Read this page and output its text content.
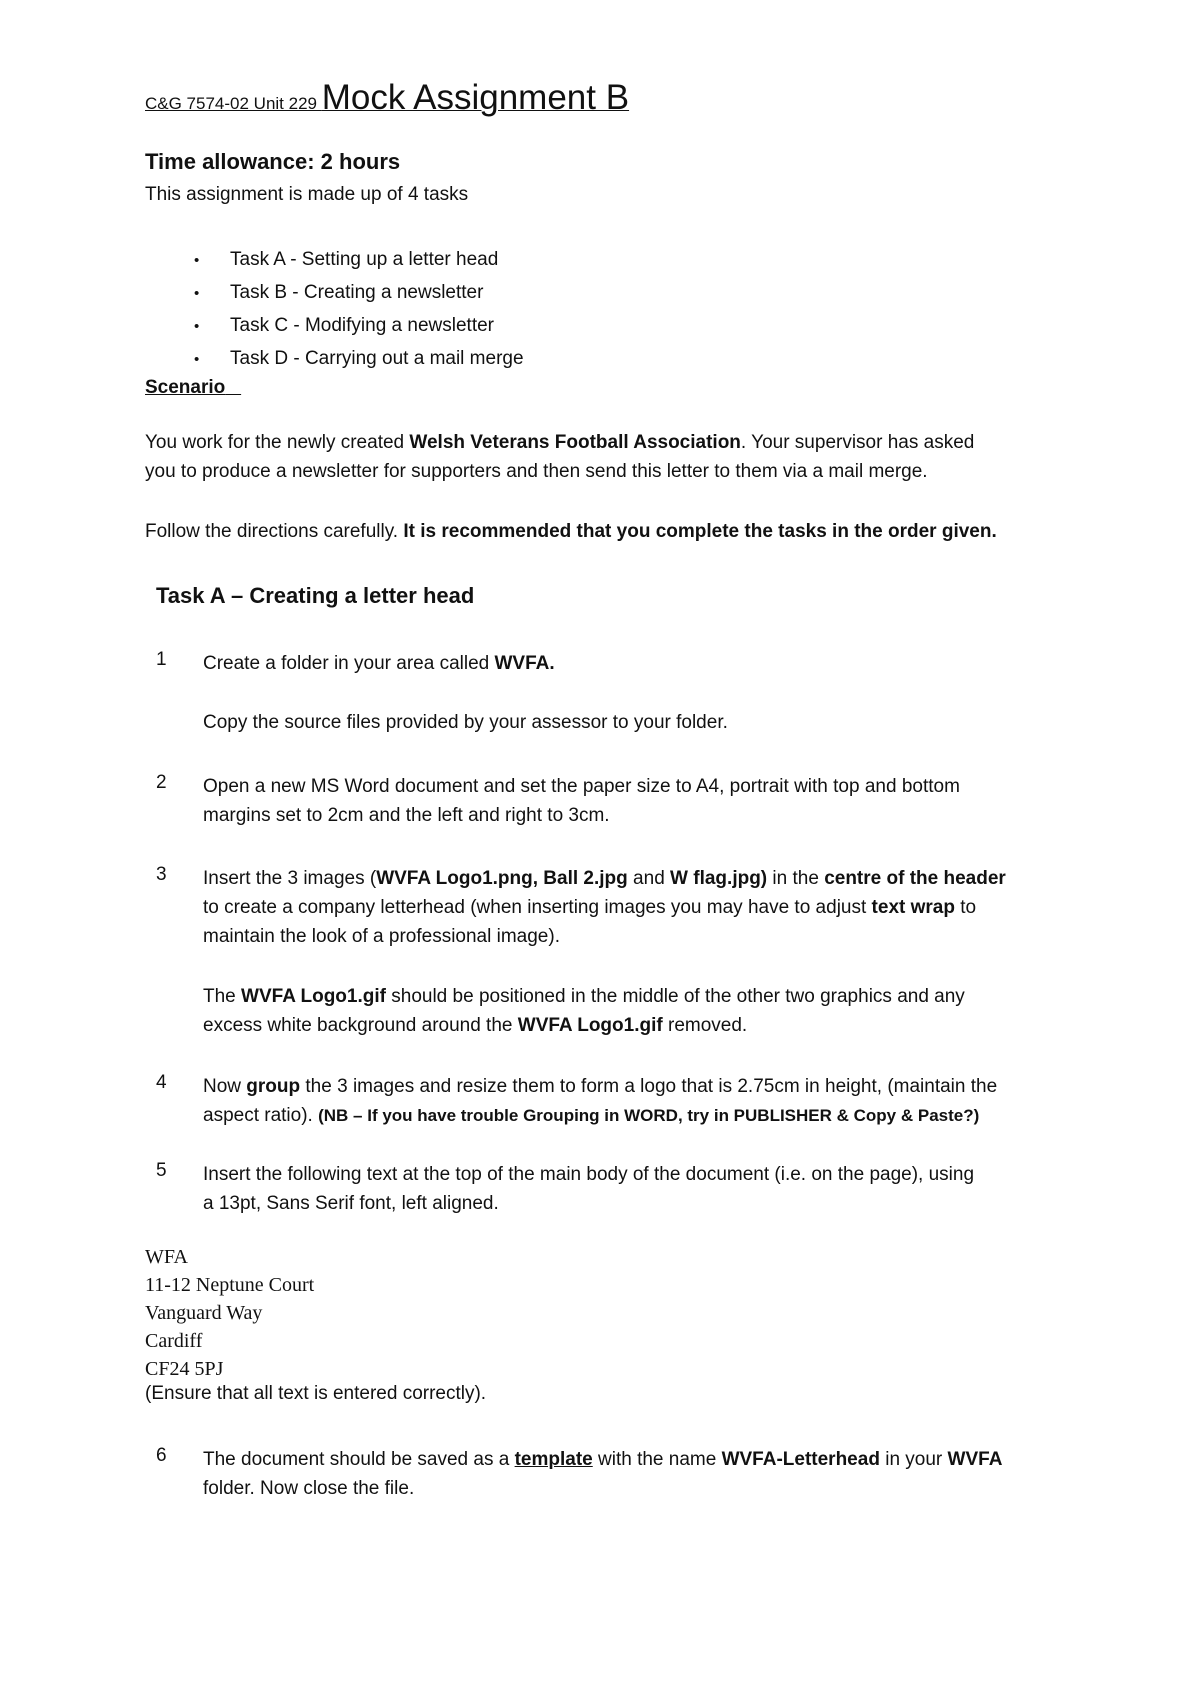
C&G 7574-02 Unit 229 Mock Assignment B
Time allowance: 2 hours
This assignment is made up of 4 tasks
• Task A - Setting up a letter head
• Task B - Creating a newsletter
• Task C - Modifying a newsletter
• Task D - Carrying out a mail merge
Scenario
You work for the newly created Welsh Veterans Football Association. Your supervisor has asked
you to produce a newsletter for supporters and then send this letter to them via a mail merge.
Follow the directions carefully. It is recommended that you complete the tasks in the order given.
Task A – Creating a letter head
1 Create a folder in your area called WVFA.
Copy the source files provided by your assessor to your folder.
2 Open a new MS Word document and set the paper size to A4, portrait with top and bottom
margins set to 2cm and the left and right to 3cm.
3 Insert the 3 images (WVFA Logo1.png, Ball 2.jpg and W flag.jpg) in the centre of the header
to create a company letterhead (when inserting images you may have to adjust text wrap to
maintain the look of a professional image).
The WVFA Logo1.gif should be positioned in the middle of the other two graphics and any
excess white background around the WVFA Logo1.gif removed.
4 Now group the 3 images and resize them to form a logo that is 2.75cm in height, (maintain the
aspect ratio). (NB – If you have trouble Grouping in WORD, try in PUBLISHER & Copy & Paste?)
5 Insert the following text at the top of the main body of the document (i.e. on the page), using
a 13pt, Sans Serif font, left aligned.
WFA
11-12 Neptune Court
Vanguard Way
Cardiff
CF24 5PJ
(Ensure that all text is entered correctly).
6 The document should be saved as a template with the name WVFA-Letterhead in your WVFA
folder. Now close the file.
